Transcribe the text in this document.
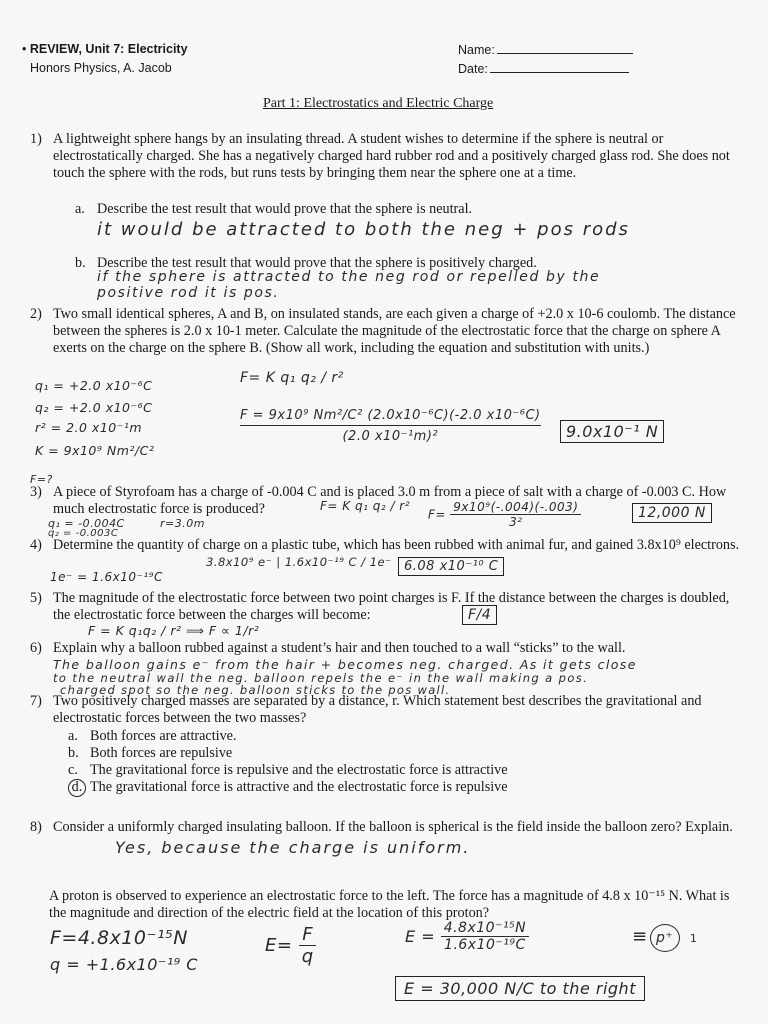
• REVIEW, Unit 7: Electricity
Honors Physics, A. Jacob
Name:
Date:
Part 1: Electrostatics and Electric Charge
1) A lightweight sphere hangs by an insulating thread. A student wishes to determine if the sphere is neutral or electrostatically charged. She has a negatively charged hard rubber rod and a positively charged glass rod. She does not touch the sphere with the rods, but runs tests by bringing them near the sphere one at a time.
a. Describe the test result that would prove that the sphere is neutral.
it would be attracted to both the neg + pos rods
b. Describe the test result that would prove that the sphere is positively charged.
if the sphere is attracted to the neg rod or repelled by the
positive rod it is pos.
2) Two small identical spheres, A and B, on insulated stands, are each given a charge of +2.0 x 10-6 coulomb. The distance between the spheres is 2.0 x 10-1 meter. Calculate the magnitude of the electrostatic force that the charge on sphere A exerts on the charge on the sphere B. (Show all work, including the equation and substitution with units.)
q₁ = +2.0 x10⁻⁶C
q₂ = +2.0 x10⁻⁶C
r² = 2.0 x10⁻¹m
K = 9x10⁹ Nm²/C²
F= K q₁ q₂ / r²
F = 9x10⁹ Nm²/C² (2.0x10⁻⁶C)(-2.0 x10⁻⁶C)
(2.0 x10⁻¹m)²	9.0x10⁻¹ N
F=?
3) A piece of Styrofoam has a charge of -0.004 C and is placed 3.0 m from a piece of salt with a charge of -0.003 C. How much electrostatic force is produced?	F= K q₁ q₂ / r²
q₁ = -0.004C	r=3.0m
q₂ = -0.003C
$F= \frac{\text{9x10⁹(-.004)(-.003)}}{\text{3²}}$	12,000 N
4) Determine the quantity of charge on a plastic tube, which has been rubbed with animal fur, and gained 3.8x10⁹ electrons.
3.8x10⁹ e⁻ | 1.6x10⁻¹⁹ C / 1e⁻
1e⁻ = 1.6x10⁻¹⁹C
6.08 x10⁻¹⁰ C
5) The magnitude of the electrostatic force between two point charges is F. If the distance between the charges is doubled, the electrostatic force between the charges will become:
F = K q₁q₂ / r² ⟹ F ∝ 1/r²
F/4
6) Explain why a balloon rubbed against a student’s hair and then touched to a wall “sticks” to the wall.
The balloon gains e⁻ from the hair + becomes neg. charged. As it gets close
to the neutral wall the neg. balloon repels the e⁻ in the wall making a pos.
charged spot so the neg. balloon sticks to the pos wall.
7) Two positively charged masses are separated by a distance, r. Which statement best describes the gravitational and electrostatic forces between the two masses?
a. Both forces are attractive.
b. Both forces are repulsive
c. The gravitational force is repulsive and the electrostatic force is attractive
d. The gravitational force is attractive and the electrostatic force is repulsive
8) Consider a uniformly charged insulating balloon. If the balloon is spherical is the field inside the balloon zero? Explain.
Yes, because the charge is uniform.
A proton is observed to experience an electrostatic force to the left. The force has a magnitude of 4.8 x 10⁻¹⁵ N. What is the magnitude and direction of the electric field at the location of this proton?
F=4.8x10⁻¹⁵N
q = +1.6x10⁻¹⁹ C
$E= \frac{F}{q}$	$E = \frac{\text{4.8x10⁻¹⁵N}}{\text{1.6x10⁻¹⁹C}}$	≡ p⁺ 1
E = 30,000 N/C to the right
